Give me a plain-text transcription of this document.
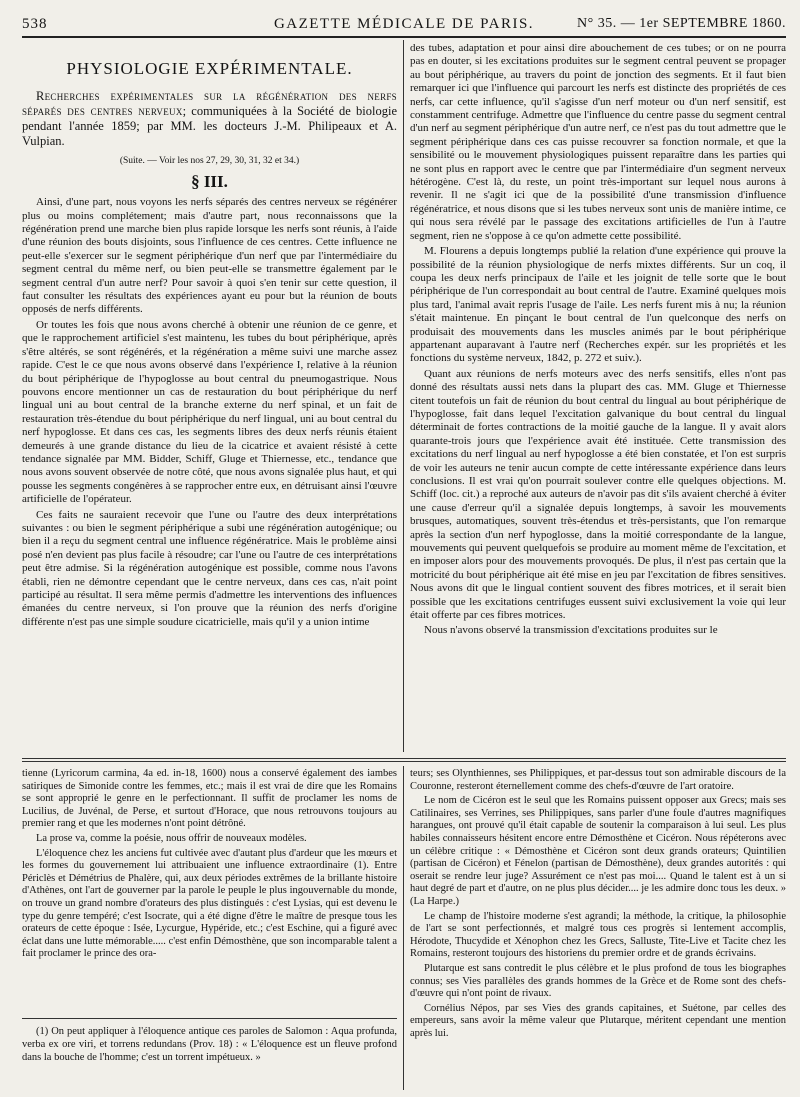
538	GAZETTE MÉDICALE DE PARIS.	N° 35. — 1er SEPTEMBRE 1860.
PHYSIOLOGIE EXPÉRIMENTALE.

Recherches expérimentales sur la régénération des nerfs séparés des centres nerveux; communiquées à la Société de biologie pendant l'année 1859; par MM. les docteurs J.-M. Philipeaux et A. Vulpian.

(Suite. — Voir les nos 27, 29, 30, 31, 32 et 34.)
§ III.

Ainsi, d'une part, nous voyons les nerfs séparés des centres nerveux se régénérer plus ou moins complétement; mais d'autre part, nous reconnaissons que la régénération prend une marche bien plus rapide lorsque les nerfs sont réunis, à l'aide d'une réunion des bouts disjoints, sous l'influence de ces centres. Cette influence ne peut-elle s'exercer sur le segment périphérique d'un nerf que par l'intermédiaire du segment central du même nerf, ou bien peut-elle se transmettre également par le segment central d'un autre nerf? Pour savoir à quoi s'en tenir sur cette question, il faut consulter les résultats des expériences ayant eu pour but la réunion de bouts opposés de nerfs différents.

Or toutes les fois que nous avons cherché à obtenir une réunion de ce genre, et que le rapprochement artificiel s'est maintenu, les tubes du bout périphérique, après s'être altérés, se sont régénérés, et la régénération a même suivi une marche assez rapide. C'est le ce que nous avons observé dans l'expérience I, relative à la réunion du bout périphérique de l'hypoglosse au bout central du pneumogastrique. Nous pouvons encore mentionner un cas de restauration du bout périphérique du nerf lingual uni au bout central de la branche externe du nerf spinal, et un fait de restauration très-étendue du bout périphérique du nerf lingual, uni au bout central du nerf hypoglosse. Et dans ces cas, les segments libres des deux nerfs réunis étaient demeurés à une grande distance du lieu de la cicatrice et avaient résisté à cette tendance signalée par MM. Bidder, Schiff, Gluge et Thiernesse, etc., tendance que nous avons souvent observée de notre côté, que nous avons signalée plus haut, et qui pousse les segments congénères à se rapprocher entre eux, en détruisant ainsi l'œuvre artificielle de l'opérateur.

Ces faits ne sauraient recevoir que l'une ou l'autre des deux interprétations suivantes : ou bien le segment périphérique a subi une régénération autogénique; ou bien il a reçu du segment central une influence régénératrice. Mais le problème ainsi posé n'en devient pas plus facile à résoudre; car l'une ou l'autre de ces interprétations peut être admise. Si la régénération autogénique est possible, comme nous l'avons établi, rien ne démontre cependant que le centre nerveux, dans ces cas, n'ait point participé au résultat. Il sera même permis d'admettre les interventions des influences émanées du centre nerveux, si l'on prouve que la réunion des nerfs d'origine différente n'est pas une simple soudure cicatricielle, mais qu'il y a union intime

des tubes, adaptation et pour ainsi dire abouchement de ces tubes; or on ne pourra pas en douter, si les excitations produites sur le segment central peuvent se propager au bout périphérique, au travers du point de jonction des segments. Et il faut bien remarquer ici que l'influence qui parcourt les nerfs est distincte des propriétés de ces nerfs, car cette influence, qu'il s'agisse d'un nerf moteur ou d'un nerf sensitif, est constamment centrifuge. Admettre que l'influence du centre passe du segment central d'un nerf au segment périphérique d'un autre nerf, ce n'est pas du tout admettre que le segment périphérique dans ces cas puisse recouvrer sa fonction normale, et que la sensibilité ou le mouvement physiologiques puissent reparaître dans les parties qui ne sont plus en rapport avec le centre que par l'intermédiaire d'un segment nerveux hétérogène. C'est là, du reste, un point très-important sur lequel nous aurons à revenir. Il ne s'agit ici que de la possibilité d'une transmission d'influence régénératrice, et nous disons que si les tubes nerveux sont unis de manière intime, ce qui nous sera révélé par le passage des excitations artificielles de l'un à l'autre segment, rien ne s'oppose à ce qu'on admette cette possibilité.

M. Flourens a depuis longtemps publié la relation d'une expérience qui prouve la possibilité de la réunion physiologique de nerfs mixtes différents. Sur un coq, il coupa les deux nerfs principaux de l'aile et les joignit de telle sorte que le bout périphérique de l'un correspondait au bout central de l'autre. Examiné quelques mois plus tard, l'animal avait repris l'usage de l'aile. Les nerfs furent mis à nu; la réunion s'était maintenue. En pinçant le bout central de l'un quelconque des nerfs on produisait des mouvements dans les muscles animés par le bout périphérique appartenant auparavant à l'autre nerf (Recherches expér. sur les propriétés et les fonctions du système nerveux, 1842, p. 272 et suiv.).

Quant aux réunions de nerfs moteurs avec des nerfs sensitifs, elles n'ont pas donné des résultats aussi nets dans la plupart des cas. MM. Gluge et Thiernesse citent toutefois un fait de réunion du bout central du lingual au bout périphérique de l'hypoglosse, fait dans lequel l'excitation galvanique du bout central du lingual déterminait de fortes contractions de la moitié gauche de la langue. Il y avait alors quarante-trois jours que l'expérience avait été instituée. Cette transmission des excitations du nerf lingual au nerf hypoglosse a été bien constatée, et l'on est surpris de voir les auteurs ne tenir aucun compte de cette intéressante expérience dans leurs conclusions. Il est vrai qu'on pourrait soulever contre elle quelques objections. M. Schiff (loc. cit.) a reproché aux auteurs de n'avoir pas dit s'ils avaient cherché à éviter une cause d'erreur qu'il a signalée depuis longtemps, à savoir les mouvements brusques, automatiques, souvent très-étendus et très-persistants, que l'on remarque après la section d'un nerf hypoglosse, dans la moitié correspondante de la langue, mouvements qui peuvent quelquefois se produire au moment même de l'excitation, et en imposer alors pour des mouvements provoqués. De plus, il n'est pas certain que la motricité du bout périphérique ait été mise en jeu par l'excitation de fibres sensitives. Nous avons dit que le lingual contient souvent des fibres motrices, et il serait bien possible que les excitations centrifuges eussent suivi exclusivement la voie qui leur était offerte par ces fibres motrices.

Nous n'avons observé la transmission d'excitations produites sur le

tienne (Lyricorum carmina, 4a ed. in-18, 1600) nous a conservé également des iambes satiriques de Simonide contre les femmes, etc.; mais il est vrai de dire que les Romains se sont approprié le genre en le perfectionnant. Il suffit de proclamer les noms de Lucilius, de Juvénal, de Perse, et surtout d'Horace, que nous retrouvons toujours au premier rang et que les modernes n'ont point détrôné.

La prose va, comme la poésie, nous offrir de nouveaux modèles.

L'éloquence chez les anciens fut cultivée avec d'autant plus d'ardeur que les mœurs et les formes du gouvernement lui attribuaient une influence extraordinaire (1). Entre Périclès et Démétrius de Phalère, qui, aux deux périodes extrêmes de la brillante histoire d'Athènes, ont l'art de gouverner par la parole le peuple le plus ingouvernable du monde, on trouve un grand nombre d'orateurs des plus distingués : c'est Lysias, qui est devenu le type du genre tempéré; c'est Isocrate, qui a été digne d'être le maître de presque tous les orateurs de cette époque : Isée, Lycurgue, Hypéride, etc.; c'est Eschine, qui a figuré avec éclat dans une lutte mémorable..... c'est enfin Démosthène, que son incomparable talent a fait proclamer le prince des ora-

(1) On peut appliquer à l'éloquence antique ces paroles de Salomon : Aqua profunda, verba ex ore viri, et torrens redundans (Prov. 18) : « L'éloquence est un fleuve profond dans la bouche de l'homme; c'est un torrent impétueux. »

teurs; ses Olynthiennes, ses Philippiques, et par-dessus tout son admirable discours de la Couronne, resteront éternellement comme des chefs-d'œuvre de l'art oratoire.

Le nom de Cicéron est le seul que les Romains puissent opposer aux Grecs; mais ses Catilinaires, ses Verrines, ses Philippiques, sans parler d'une foule d'autres magnifiques harangues, ont prouvé qu'il était capable de soutenir la comparaison à lui seul. Les plus habiles connaisseurs hésitent encore entre Démosthène et Cicéron. Nous répéterons avec un célèbre critique : « Démosthène et Cicéron sont deux grands orateurs; Quintilien (partisan de Cicéron) et Fénelon (partisan de Démosthène), deux grandes autorités : qui oserait se rendre leur juge? Assurément ce n'est pas moi.... Quand le talent est à un si haut degré de part et d'autre, on ne plus plus décider.... je les admire donc tous les deux. » (La Harpe.)

Le champ de l'histoire moderne s'est agrandi; la méthode, la critique, la philosophie de l'art se sont perfectionnés, et malgré tous ces progrès si lentement accomplis, Hérodote, Thucydide et Xénophon chez les Grecs, Salluste, Tite-Live et Tacite chez les Romains, resteront toujours des historiens du premier ordre et de grands écrivains.

Plutarque est sans contredit le plus célèbre et le plus profond de tous les biographes connus; ses Vies parallèles des grands hommes de la Grèce et de Rome sont des chefs-d'œuvre qui n'ont point de rivaux.

Cornélius Népos, par ses Vies des grands capitaines, et Suétone, par celles des empereurs, sans avoir la même valeur que Plutarque, méritent cependant une mention après lui.
